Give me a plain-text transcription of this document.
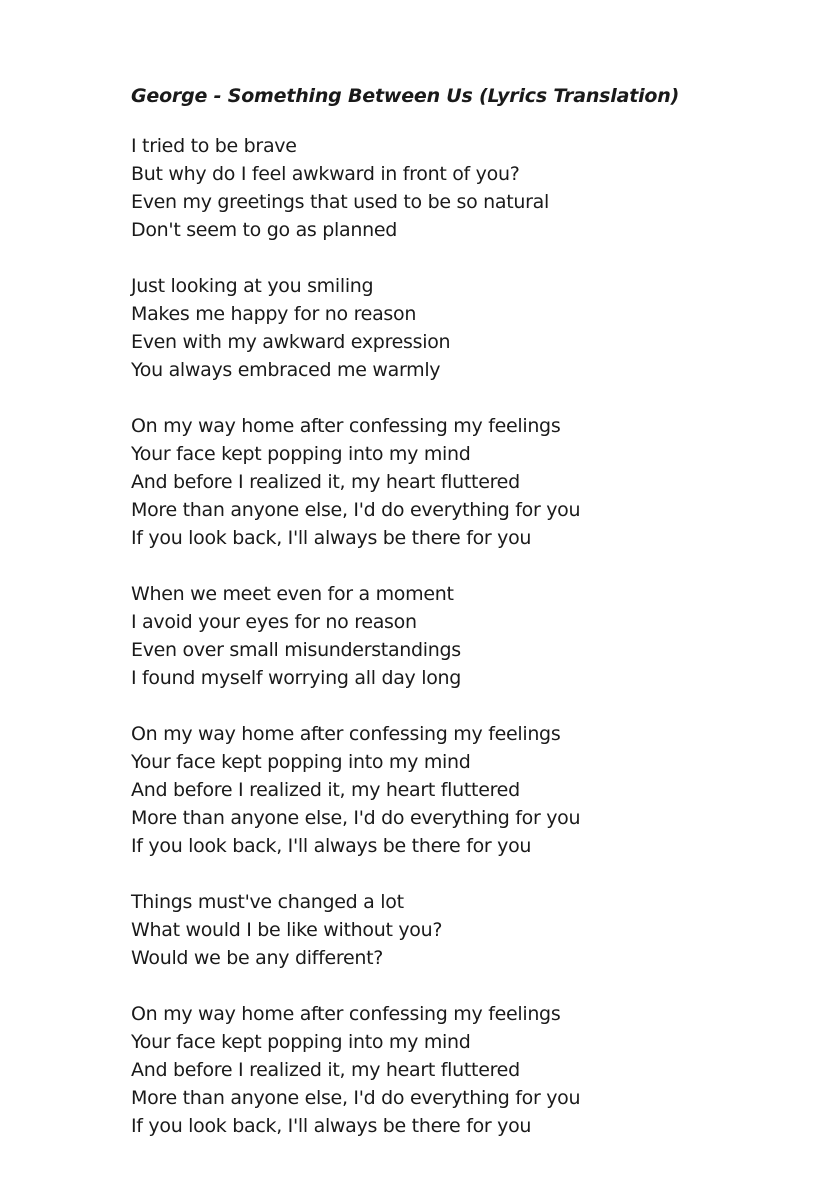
George - Something Between Us (Lyrics Translation)
I tried to be brave
But why do I feel awkward in front of you?
Even my greetings that used to be so natural
Don't seem to go as planned
Just looking at you smiling
Makes me happy for no reason
Even with my awkward expression
You always embraced me warmly
On my way home after confessing my feelings
Your face kept popping into my mind
And before I realized it, my heart fluttered
More than anyone else, I'd do everything for you
If you look back, I'll always be there for you
When we meet even for a moment
I avoid your eyes for no reason
Even over small misunderstandings
I found myself worrying all day long
On my way home after confessing my feelings
Your face kept popping into my mind
And before I realized it, my heart fluttered
More than anyone else, I'd do everything for you
If you look back, I'll always be there for you
Things must've changed a lot
What would I be like without you?
Would we be any different?
On my way home after confessing my feelings
Your face kept popping into my mind
And before I realized it, my heart fluttered
More than anyone else, I'd do everything for you
If you look back, I'll always be there for you
